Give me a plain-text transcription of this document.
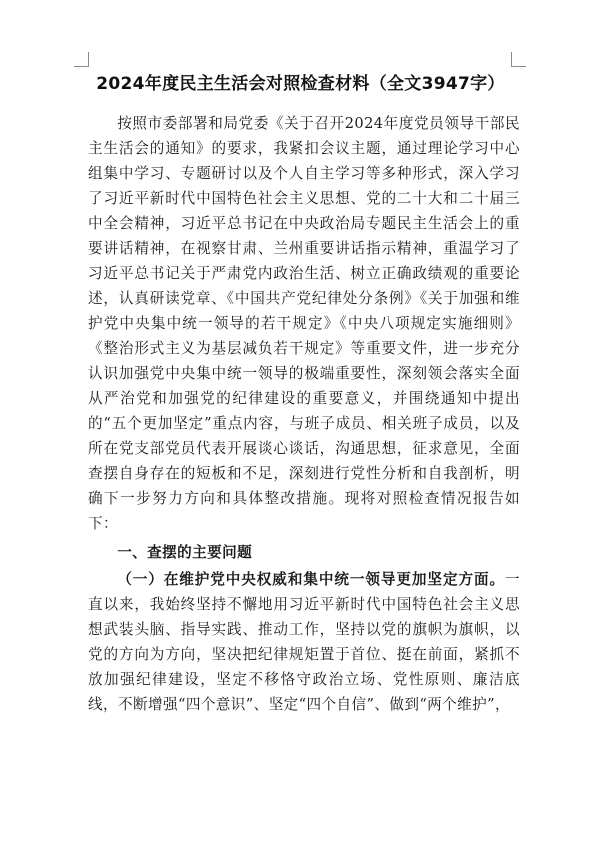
2024年度民主生活会对照检查材料（全文3947字）

按照市委部署和局党委《关于召开2024年度党员领导干部民主生活会的通知》的要求，我紧扣会议主题，通过理论学习中心组集中学习、专题研讨以及个人自主学习等多种形式，深入学习了习近平新时代中国特色社会主义思想、党的二十大和二十届三中全会精神，习近平总书记在中央政治局专题民主生活会上的重要讲话精神，在视察甘肃、兰州重要讲话指示精神，重温学习了习近平总书记关于严肃党内政治生活、树立正确政绩观的重要论述，认真研读党章、《中国共产党纪律处分条例》《关于加强和维护党中央集中统一领导的若干规定》《中央八项规定实施细则》《整治形式主义为基层减负若干规定》等重要文件，进一步充分认识加强党中央集中统一领导的极端重要性，深刻领会落实全面从严治党和加强党的纪律建设的重要意义，并围绕通知中提出的“五个更加坚定”重点内容，与班子成员、相关班子成员，以及所在党支部党员代表开展谈心谈话，沟通思想，征求意见，全面查摆自身存在的短板和不足，深刻进行党性分析和自我剖析，明确下一步努力方向和具体整改措施。现将对照检查情况报告如下：

一、查摆的主要问题

（一）在维护党中央权威和集中统一领导更加坚定方面。一直以来，我始终坚持不懈地用习近平新时代中国特色社会主义思想武装头脑、指导实践、推动工作，坚持以党的旗帜为旗帜，以党的方向为方向，坚决把纪律规矩置于首位、挺在前面，紧抓不放加强纪律建设，坚定不移恪守政治立场、党性原则、廉洁底线，不断增强“四个意识”、坚定“四个自信”、做到“两个维护”，
